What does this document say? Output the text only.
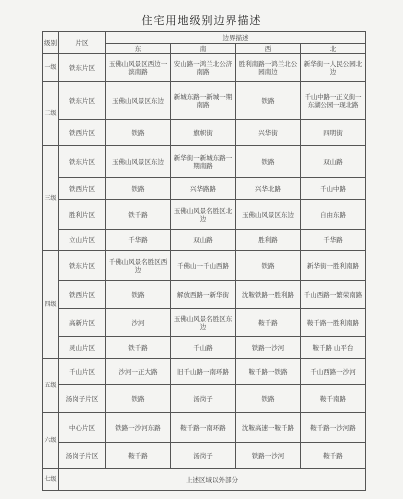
住宅用地级别边界描述
级别	片区	边界描述			
		东	南	西	北
一级	铁东片区	玉佛山风景区西边一滨南路	安山路一鸿兰北公济南路	胜利南路一鸿兰北公园南边	新华街一人民公园北边
二级	铁东片区	玉佛山风景区东边	新城东路一新城一期南路	铁路	千山中路一正义街一东湖公园一现北路
	铁西片区	铁路	旗帜街	兴华街	四明街
三级	铁东片区	玉佛山风景区东边	新华街一新城东路一期南路	铁路	双山路
	铁西片区	铁路	兴华路路	兴华北路	千山中路
	胜利片区	铁千路	玉佛山风景名胜区北边	玉佛山风景区东边	自由东路
	立山片区	千华路	双山路	胜利路	千华路
四级	铁东片区	千佛山风景名胜区西边	千佛山一千山西路	铁路	新华街一胜利南路
	铁西片区	铁路	解放西路一新华街	沈鞍铁路一胜利路	千山西路一繁荣南路
	高新片区	沙河	玉佛山风景名胜区东边	鞍千路	鞍千路一胜利南路
	灵山片区	铁千路	千山路	铁路一沙河	鞍千路 山平台
五级	千山片区	沙河一正大路	旧千山路一南环路	鞍千路一铁路	千山西路一沙河
	汤岗子片区	铁路	汤岗子	铁路	鞍千南路
六级	中心片区	铁路一沙河东路	鞍千路一南环路	沈鞍高速一鞍千路	鞍千路一沙河路
	汤岗子片区	鞍千路	汤岗子	铁路一沙河	鞍千路
七级	上述区域以外部分				
